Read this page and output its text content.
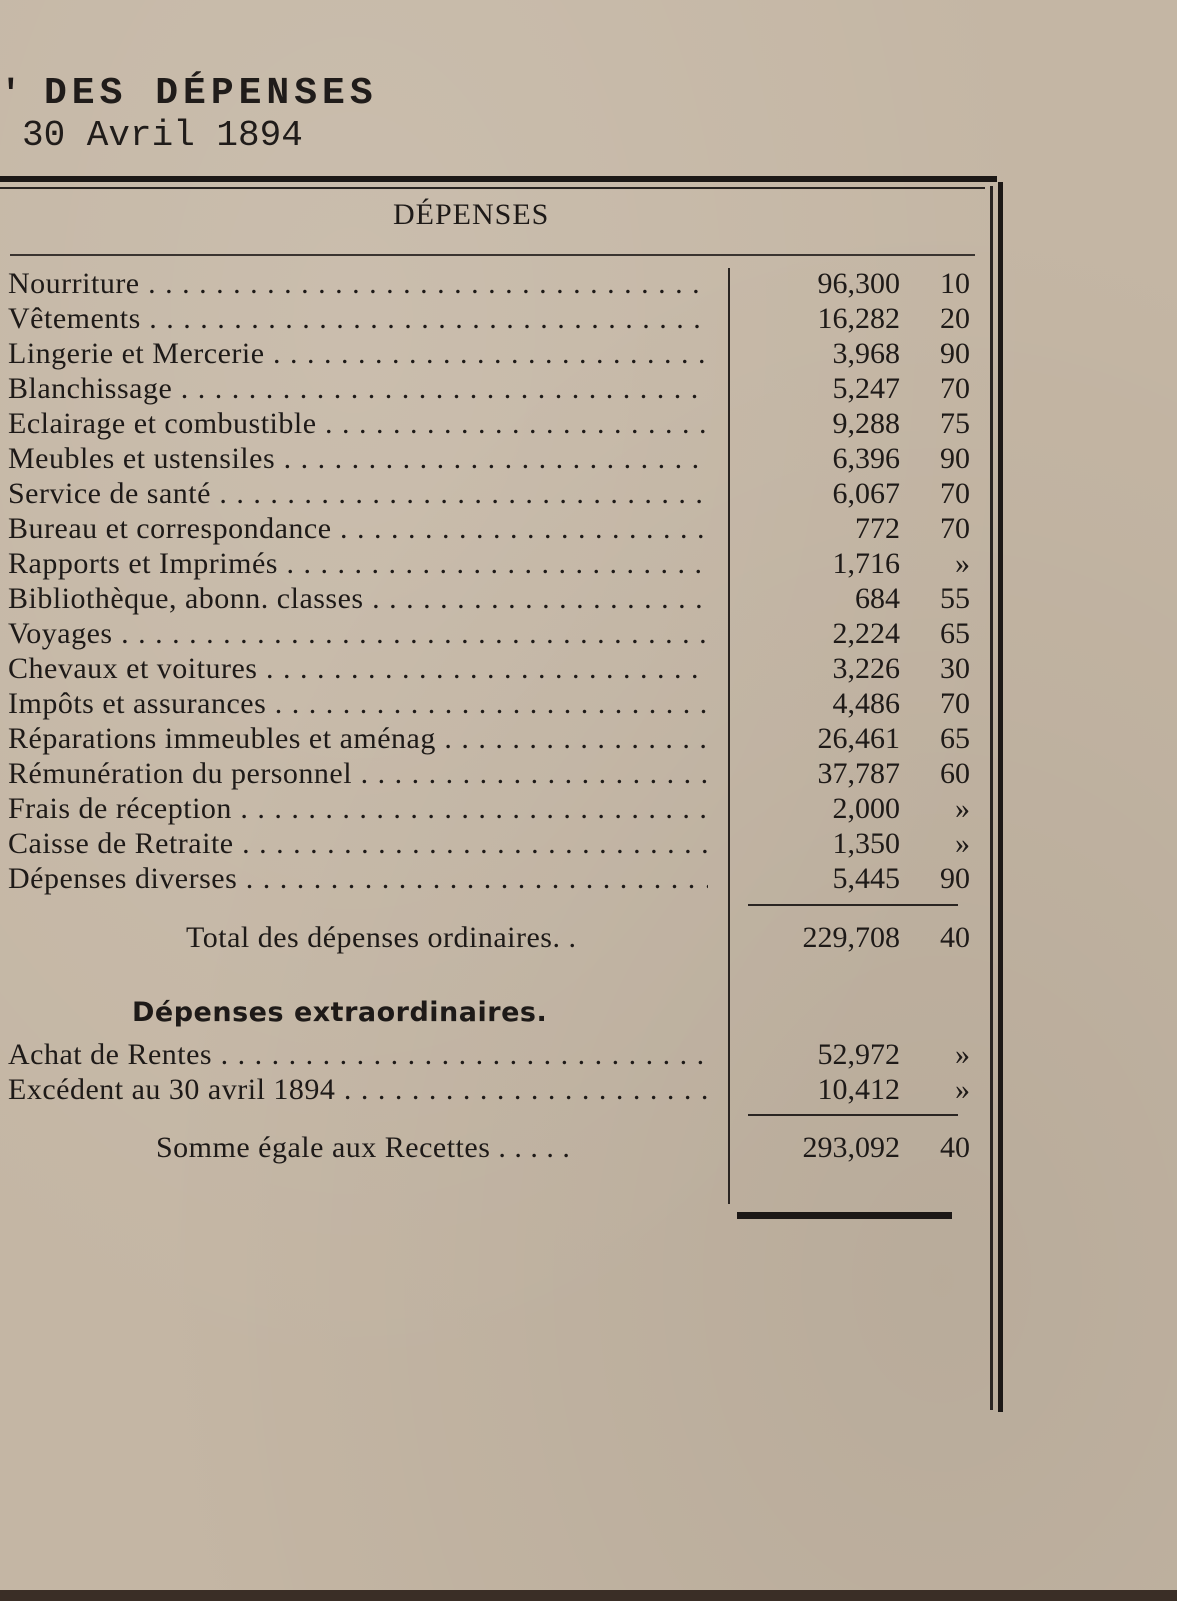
' DES DÉPENSES
30 Avril 1894
DÉPENSES
Nourriture . . .	96,300 10
Vêtements . . .	16,282 20
Lingerie et Mercerie . . .	3,968 90
Blanchissage . . .	5,247 70
Eclairage et combustible . . .	9,288 75
Meubles et ustensiles . . .	6,396 90
Service de santé . . .	6,067 70
Bureau et correspondance . . .	772 70
Rapports et Imprimés . . .	1,716 »
Bibliothèque, abonn. classes . . .	684 55
Voyages . . .	2,224 65
Chevaux et voitures . . .	3,226 30
Impôts et assurances . . .	4,486 70
Réparations immeubles et aménag . . .	26,461 65
Rémunération du personnel . . .	37,787 60
Frais de réception . . .	2,000 »
Caisse de Retraite . . .	1,350 »
Dépenses diverses . . .	5,445 90
Total des dépenses ordinaires. .	229,708 40
Dépenses extraordinaires.
Achat de Rentes . . .	52,972 »
Excédent au 30 avril 1894 . . .	10,412 »
Somme égale aux Recettes . . . . .	293,092 40
